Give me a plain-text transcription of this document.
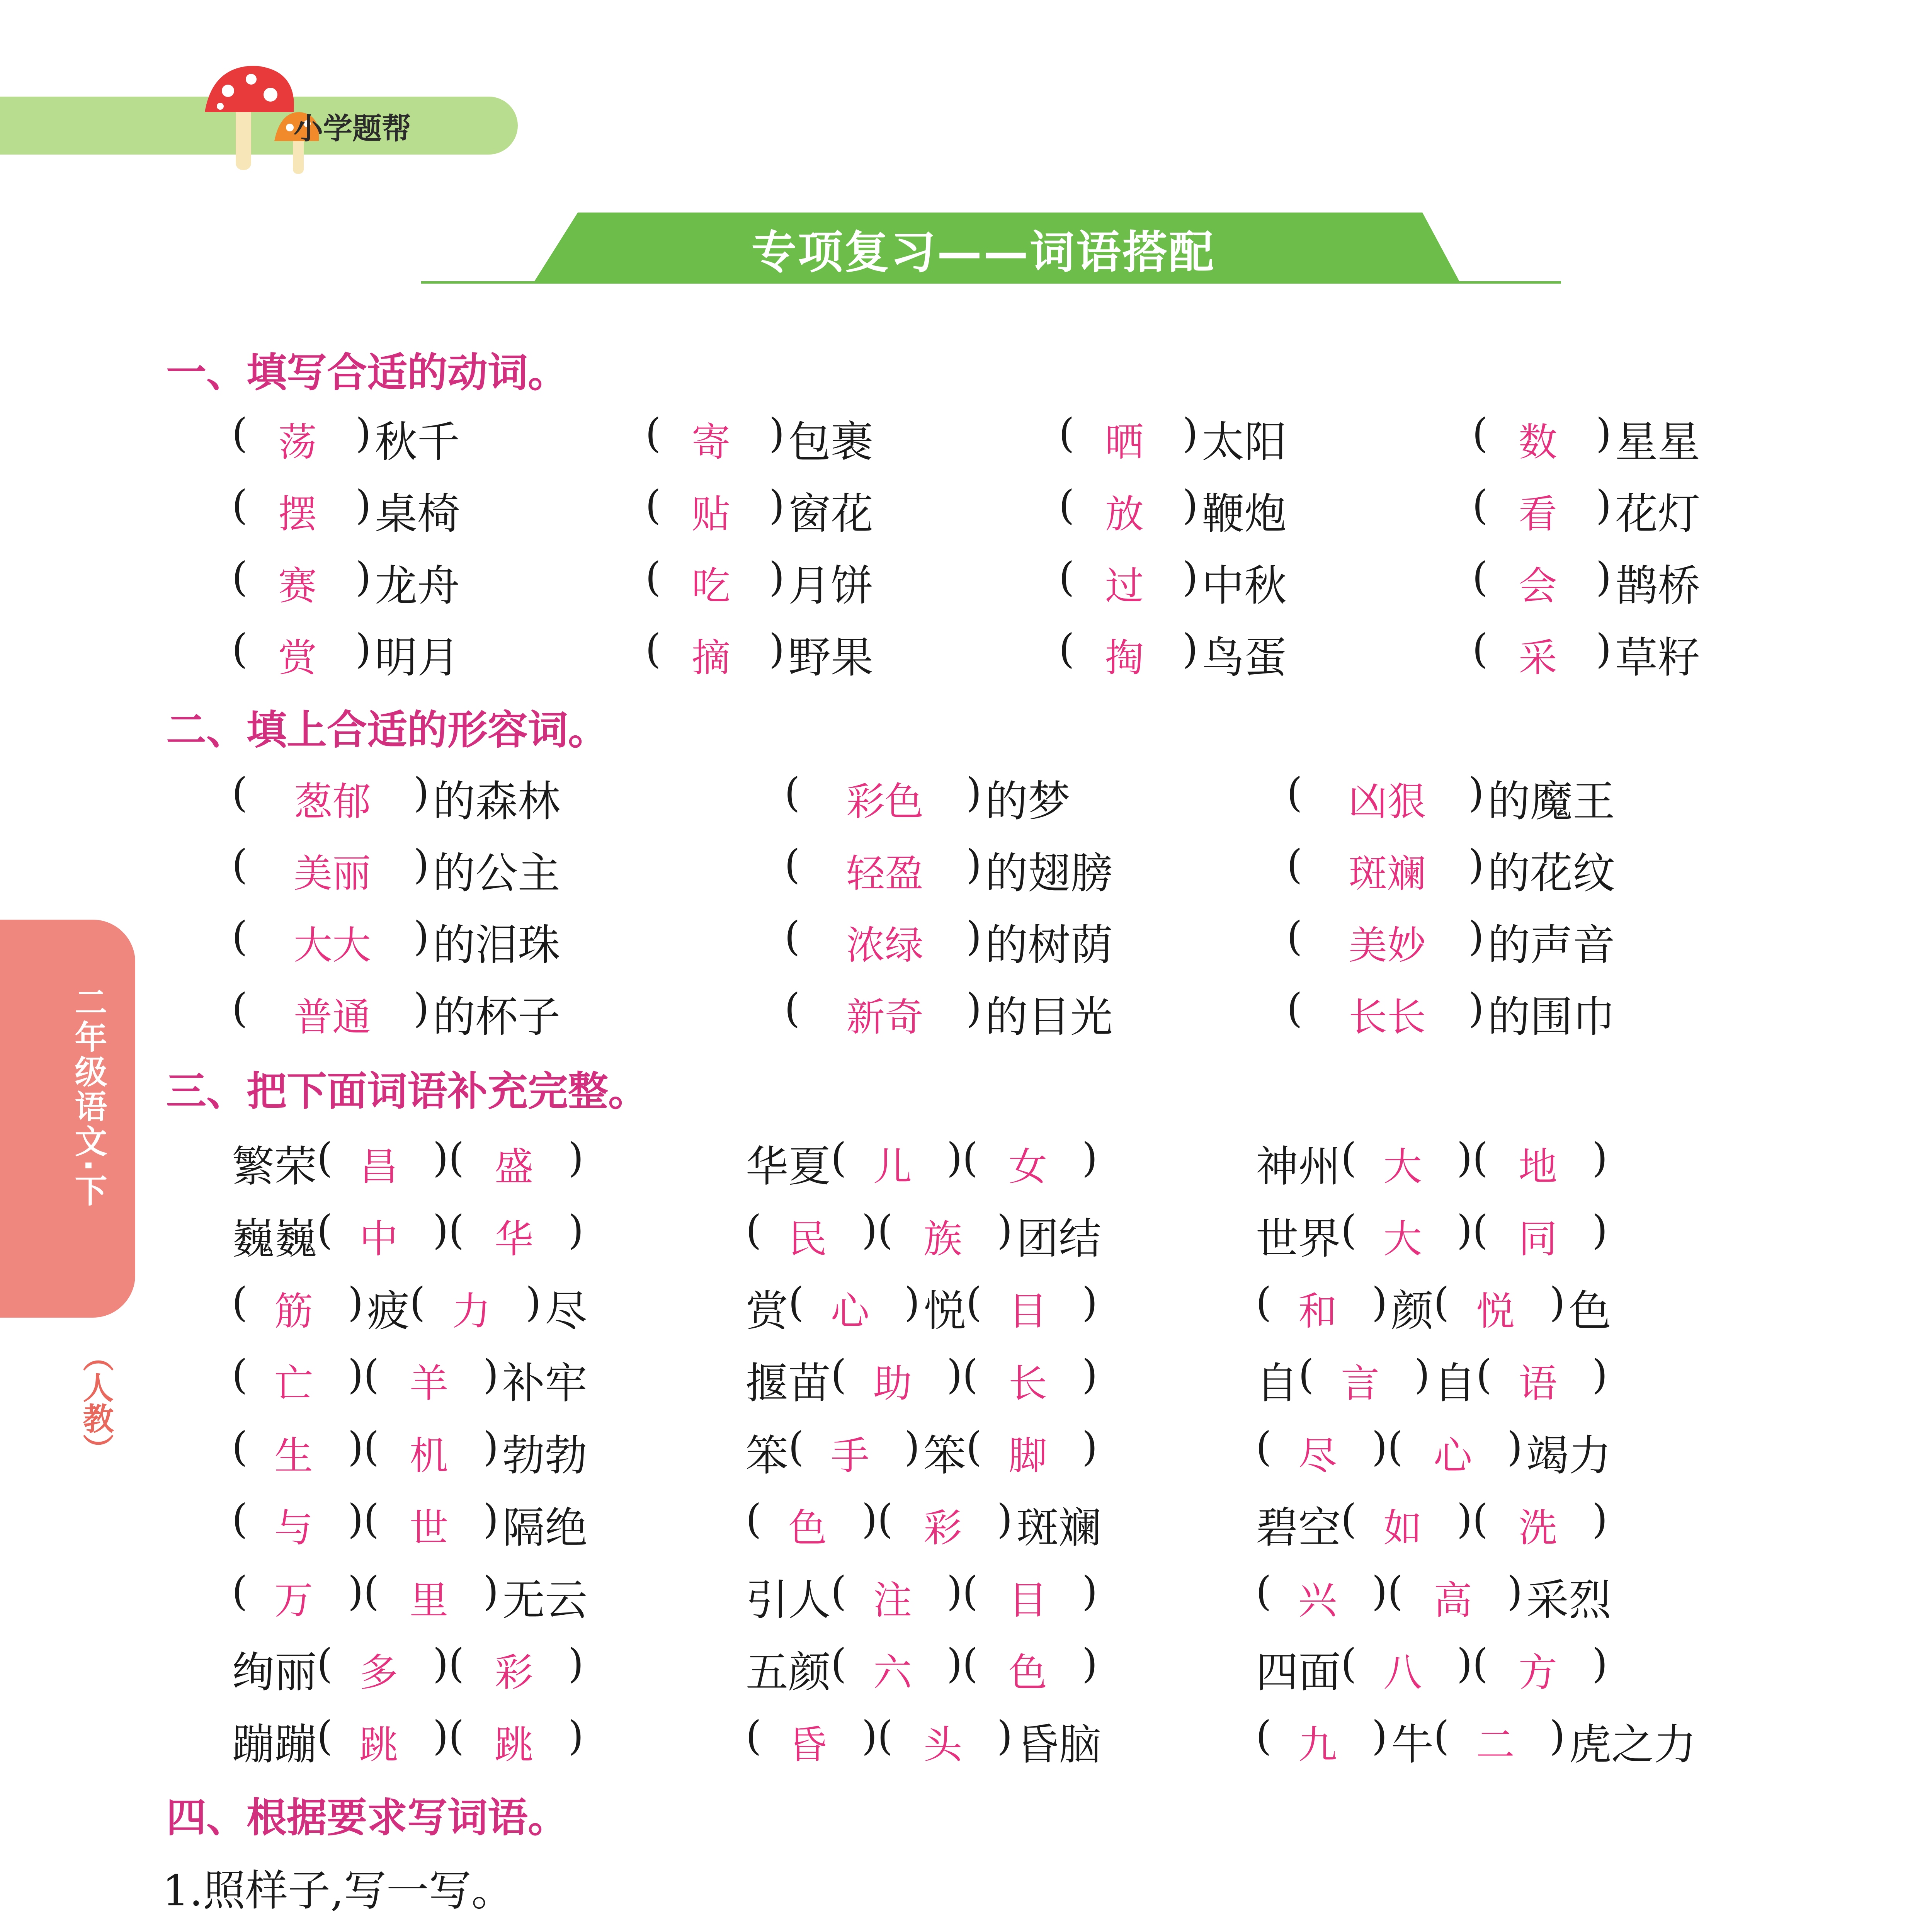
小学题帮
专项复习——词语搭配
二年级语文·下
（人教）
一、填写合适的动词。
( 荡 ) 秋千	( 寄 ) 包裹	( 晒 ) 太阳	( 数 ) 星星
( 摆 ) 桌椅	( 贴 ) 窗花	( 放 ) 鞭炮	( 看 ) 花灯
( 赛 ) 龙舟	( 吃 ) 月饼	( 过 ) 中秋	( 会 ) 鹊桥
( 赏 ) 明月	( 摘 ) 野果	( 掏 ) 鸟蛋	( 采 ) 草籽
二、填上合适的形容词。
(	葱郁	) 的森林	(	彩色	) 的梦	(	凶狠	) 的魔王
(	美丽	) 的公主	(	轻盈	) 的翅膀	(	斑斓	) 的花纹
(	大大	) 的泪珠	(	浓绿	) 的树荫	(	美妙	) 的声音
(	普通	) 的杯子	(	新奇	) 的目光	(	长长	) 的围巾
三、把下面词语补充完整。
繁荣 ( 昌 )( 盛 )	华夏 ( 儿 )( 女 )	神州 ( 大 )( 地 )
巍巍 ( 中 )( 华 )	( 民 )( 族 ) 团结	世界 ( 大 )( 同 )
( 筋 ) 疲 ( 力 ) 尽	赏 ( 心 ) 悦 ( 目 )	( 和 ) 颜 ( 悦 ) 色
( 亡 )( 羊 ) 补牢	揠苗 ( 助 )( 长 )	自 ( 言 ) 自 ( 语 )
( 生 )( 机 ) 勃勃	笨 ( 手 ) 笨 ( 脚 )	( 尽 )( 心 ) 竭力
( 与 )( 世 ) 隔绝	( 色 )( 彩 ) 斑斓	碧空 ( 如 )( 洗 )
( 万 )( 里 ) 无云	引人 ( 注 )( 目 )	( 兴 )( 高 ) 采烈
绚丽 ( 多 )( 彩 )	五颜 ( 六 )( 色 )	四面 ( 八 )( 方 )
蹦蹦 ( 跳 )( 跳 )	( 昏 )( 头 ) 昏脑	( 九 ) 牛 ( 二 ) 虎之力
四、根据要求写词语。
1.照样子,写一写。
